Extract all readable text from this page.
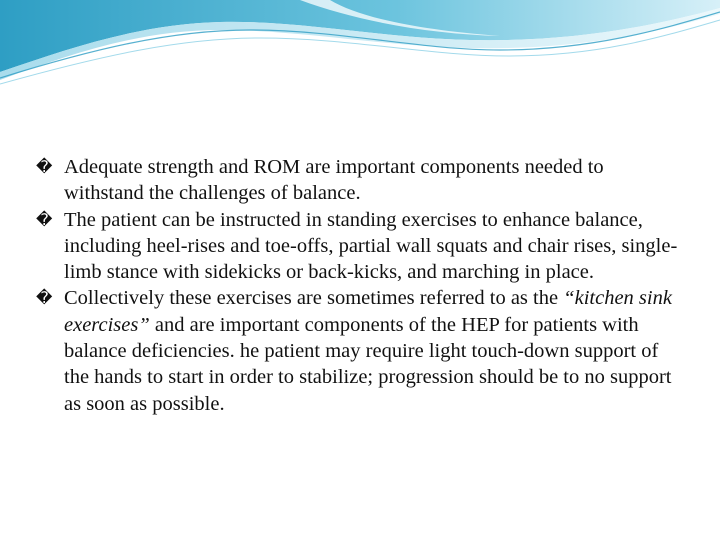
� Adequate strength and ROM are important components needed to withstand the challenges of balance.

� The patient can be instructed in standing exercises to enhance balance, including heel-rises and toe-offs, partial wall squats and chair rises, single-limb stance with sidekicks or back-kicks, and marching in place.

� Collectively these exercises are sometimes referred to as the “kitchen sink exercises” and are important components of the HEP for patients with balance deficiencies. he patient may require light touch-down support of the hands to start in order to stabilize; progression should be to no support as soon as possible.
